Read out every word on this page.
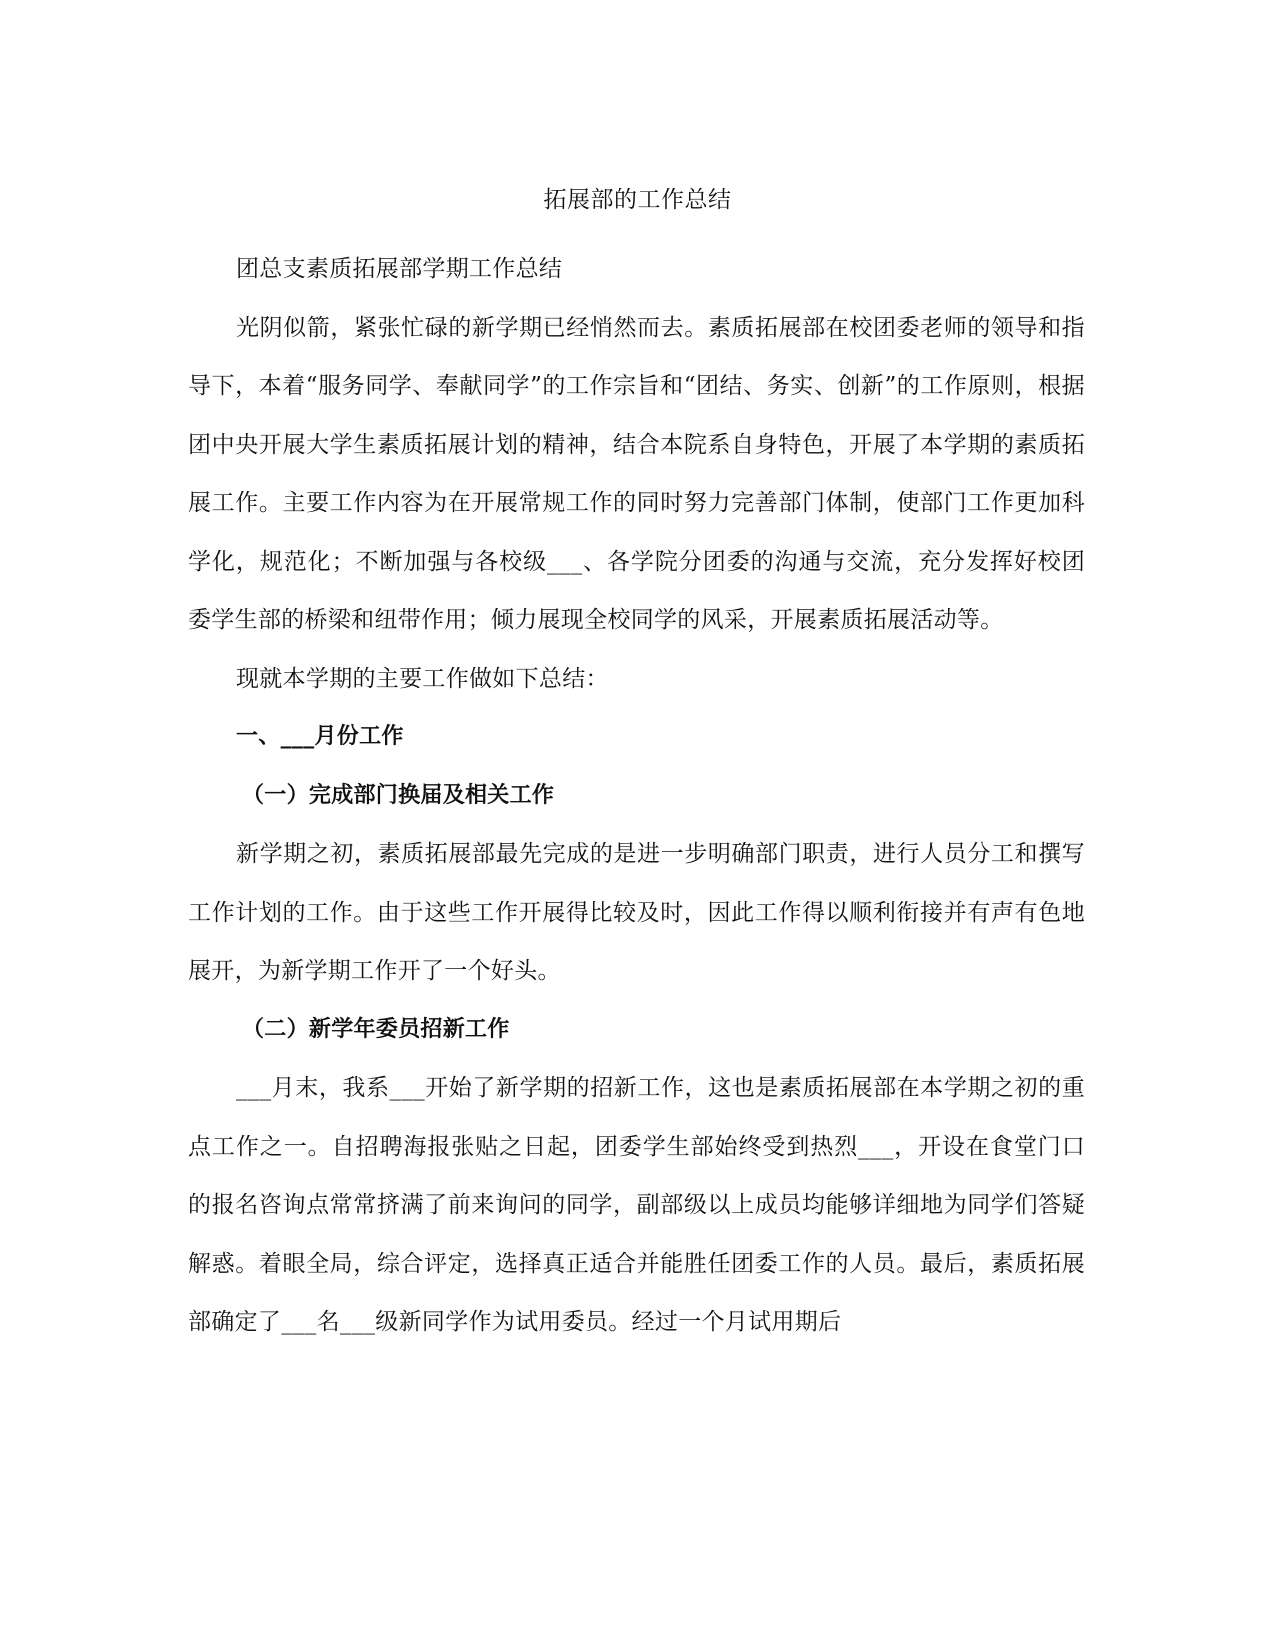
拓展部的工作总结

团总支素质拓展部学期工作总结

光阴似箭，紧张忙碌的新学期已经悄然而去。素质拓展部在校团委老师的领导和指导下，本着“服务同学、奉献同学”的工作宗旨和“团结、务实、创新”的工作原则，根据团中央开展大学生素质拓展计划的精神，结合本院系自身特色，开展了本学期的素质拓展工作。主要工作内容为在开展常规工作的同时努力完善部门体制，使部门工作更加科学化，规范化；不断加强与各校级___、各学院分团委的沟通与交流，充分发挥好校团委学生部的桥梁和纽带作用；倾力展现全校同学的风采，开展素质拓展活动等。

现就本学期的主要工作做如下总结：

一、___月份工作

（一）完成部门换届及相关工作

新学期之初，素质拓展部最先完成的是进一步明确部门职责，进行人员分工和撰写工作计划的工作。由于这些工作开展得比较及时，因此工作得以顺利衔接并有声有色地展开，为新学期工作开了一个好头。

（二）新学年委员招新工作

___月末，我系___开始了新学期的招新工作，这也是素质拓展部在本学期之初的重点工作之一。自招聘海报张贴之日起，团委学生部始终受到热烈___，开设在食堂门口的报名咨询点常常挤满了前来询问的同学，副部级以上成员均能够详细地为同学们答疑解惑。着眼全局，综合评定，选择真正适合并能胜任团委工作的人员。最后，素质拓展部确定了___名___级新同学作为试用委员。经过一个月试用期后
